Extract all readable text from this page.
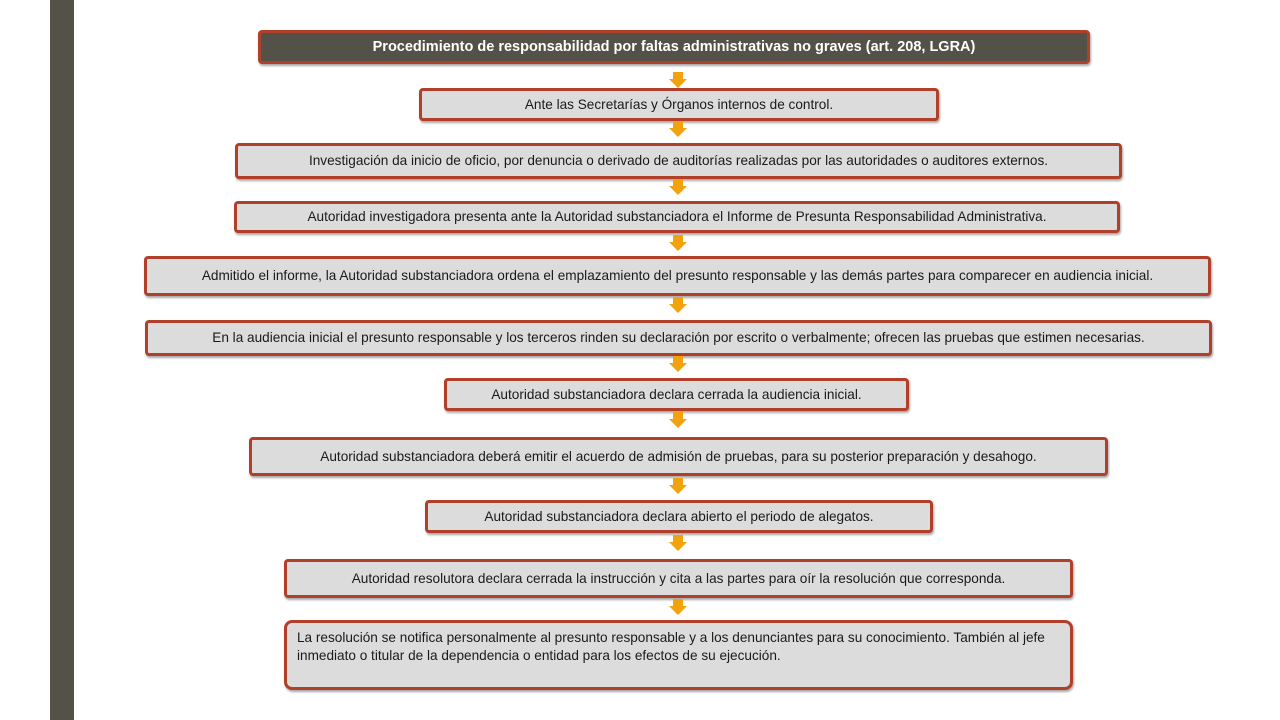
Procedimiento de responsabilidad por faltas administrativas no graves (art. 208, LGRA)
Ante las Secretarías y Órganos internos de control.
Investigación da inicio de oficio, por denuncia o derivado de auditorías realizadas por las autoridades o auditores externos.
Autoridad investigadora presenta ante la Autoridad substanciadora el Informe de Presunta Responsabilidad Administrativa.
Admitido el informe, la Autoridad substanciadora ordena el emplazamiento del presunto responsable y las demás partes para comparecer en audiencia inicial.
En la audiencia inicial el presunto responsable y los terceros rinden su declaración por escrito o verbalmente; ofrecen las pruebas que estimen necesarias.
Autoridad substanciadora declara cerrada la audiencia inicial.
Autoridad substanciadora deberá emitir el acuerdo de admisión de pruebas, para su posterior preparación y desahogo.
Autoridad substanciadora declara abierto el periodo de alegatos.
Autoridad resolutora declara cerrada la instrucción y cita a las partes para oír la resolución que corresponda.
La resolución se notifica personalmente al presunto responsable y a los denunciantes para su conocimiento. También al jefe inmediato o titular de la dependencia o entidad para los efectos de su ejecución.
